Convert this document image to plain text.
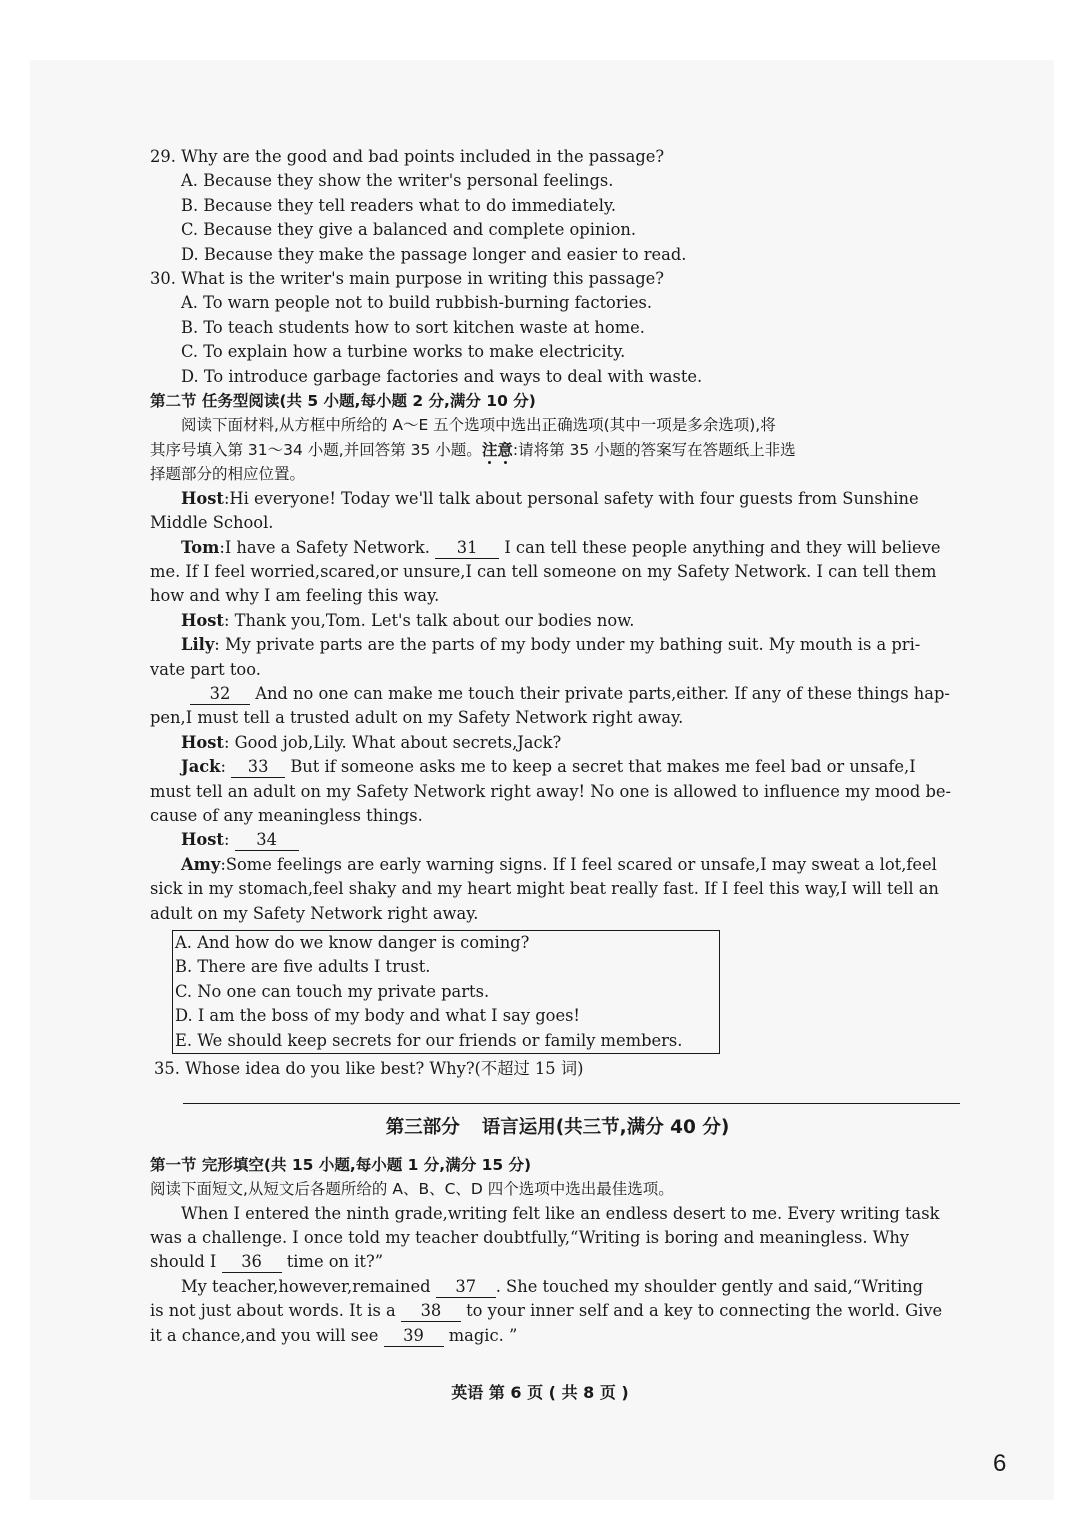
29. Why are the good and bad points included in the passage?
A. Because they show the writer's personal feelings.
B. Because they tell readers what to do immediately.
C. Because they give a balanced and complete opinion.
D. Because they make the passage longer and easier to read.
30. What is the writer's main purpose in writing this passage?
A. To warn people not to build rubbish-burning factories.
B. To teach students how to sort kitchen waste at home.
C. To explain how a turbine works to make electricity.
D. To introduce garbage factories and ways to deal with waste.
第二节 任务型阅读(共 5 小题,每小题 2 分,满分 10 分)
阅读下面材料,从方框中所给的 A～E 五个选项中选出正确选项(其中一项是多余选项),将
其序号填入第 31～34 小题,并回答第 35 小题。注意:请将第 35 小题的答案写在答题纸上非选
择题部分的相应位置。
Host:Hi everyone! Today we'll talk about personal safety with four guests from Sunshine
Middle School.
Tom:I have a Safety Network. 31 I can tell these people anything and they will believe
me. If I feel worried,scared,or unsure,I can tell someone on my Safety Network. I can tell them
how and why I am feeling this way.
Host: Thank you,Tom. Let's talk about our bodies now.
Lily: My private parts are the parts of my body under my bathing suit. My mouth is a pri-
vate part too.
32 And no one can make me touch their private parts,either. If any of these things hap-
pen,I must tell a trusted adult on my Safety Network right away.
Host: Good job,Lily. What about secrets,Jack?
Jack: 33 But if someone asks me to keep a secret that makes me feel bad or unsafe,I
must tell an adult on my Safety Network right away! No one is allowed to influence my mood be-
cause of any meaningless things.
Host: 34
Amy:Some feelings are early warning signs. If I feel scared or unsafe,I may sweat a lot,feel
sick in my stomach,feel shaky and my heart might beat really fast. If I feel this way,I will tell an
adult on my Safety Network right away.
A. And how do we know danger is coming?
B. There are five adults I trust.
C. No one can touch my private parts.
D. I am the boss of my body and what I say goes!
E. We should keep secrets for our friends or family members.
35. Whose idea do you like best? Why?(不超过 15 词)
第三部分 语言运用(共三节,满分 40 分)
第一节 完形填空(共 15 小题,每小题 1 分,满分 15 分)
阅读下面短文,从短文后各题所给的 A、B、C、D 四个选项中选出最佳选项。
When I entered the ninth grade,writing felt like an endless desert to me. Every writing task
was a challenge. I once told my teacher doubtfully,“Writing is boring and meaningless. Why
should I 36 time on it?”
My teacher,however,remained 37 . She touched my shoulder gently and said,“Writing
is not just about words. It is a 38 to your inner self and a key to connecting the world. Give
it a chance,and you will see 39 magic. ”
英语 第 6 页 ( 共 8 页 )
6
